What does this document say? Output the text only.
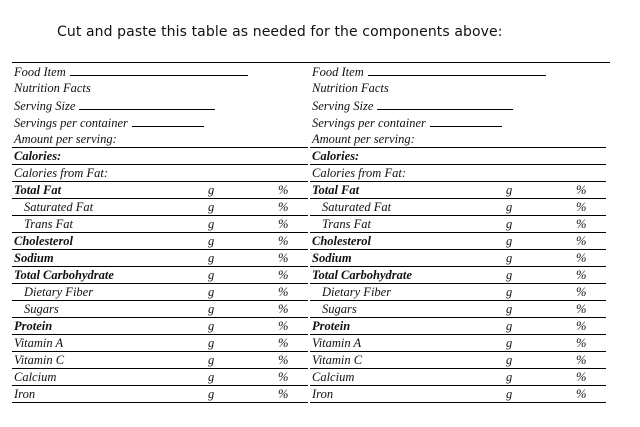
Cut and paste this table as needed for the components above:
Food Item
Nutrition Facts
Serving Size
Servings per container
Amount per serving:
Calories:
Calories from Fat:
Total Fat	g	%
Saturated Fat	g	%
Trans Fat	g	%
Cholesterol	g	%
Sodium	g	%
Total Carbohydrate	g	%
Dietary Fiber	g	%
Sugars	g	%
Protein	g	%
Vitamin A	g	%
Vitamin C	g	%
Calcium	g	%
Iron	g	%
Food Item
Nutrition Facts
Serving Size
Servings per container
Amount per serving:
Calories:
Calories from Fat:
Total Fat	g	%
Saturated Fat	g	%
Trans Fat	g	%
Cholesterol	g	%
Sodium	g	%
Total Carbohydrate	g	%
Dietary Fiber	g	%
Sugars	g	%
Protein	g	%
Vitamin A	g	%
Vitamin C	g	%
Calcium	g	%
Iron	g	%
